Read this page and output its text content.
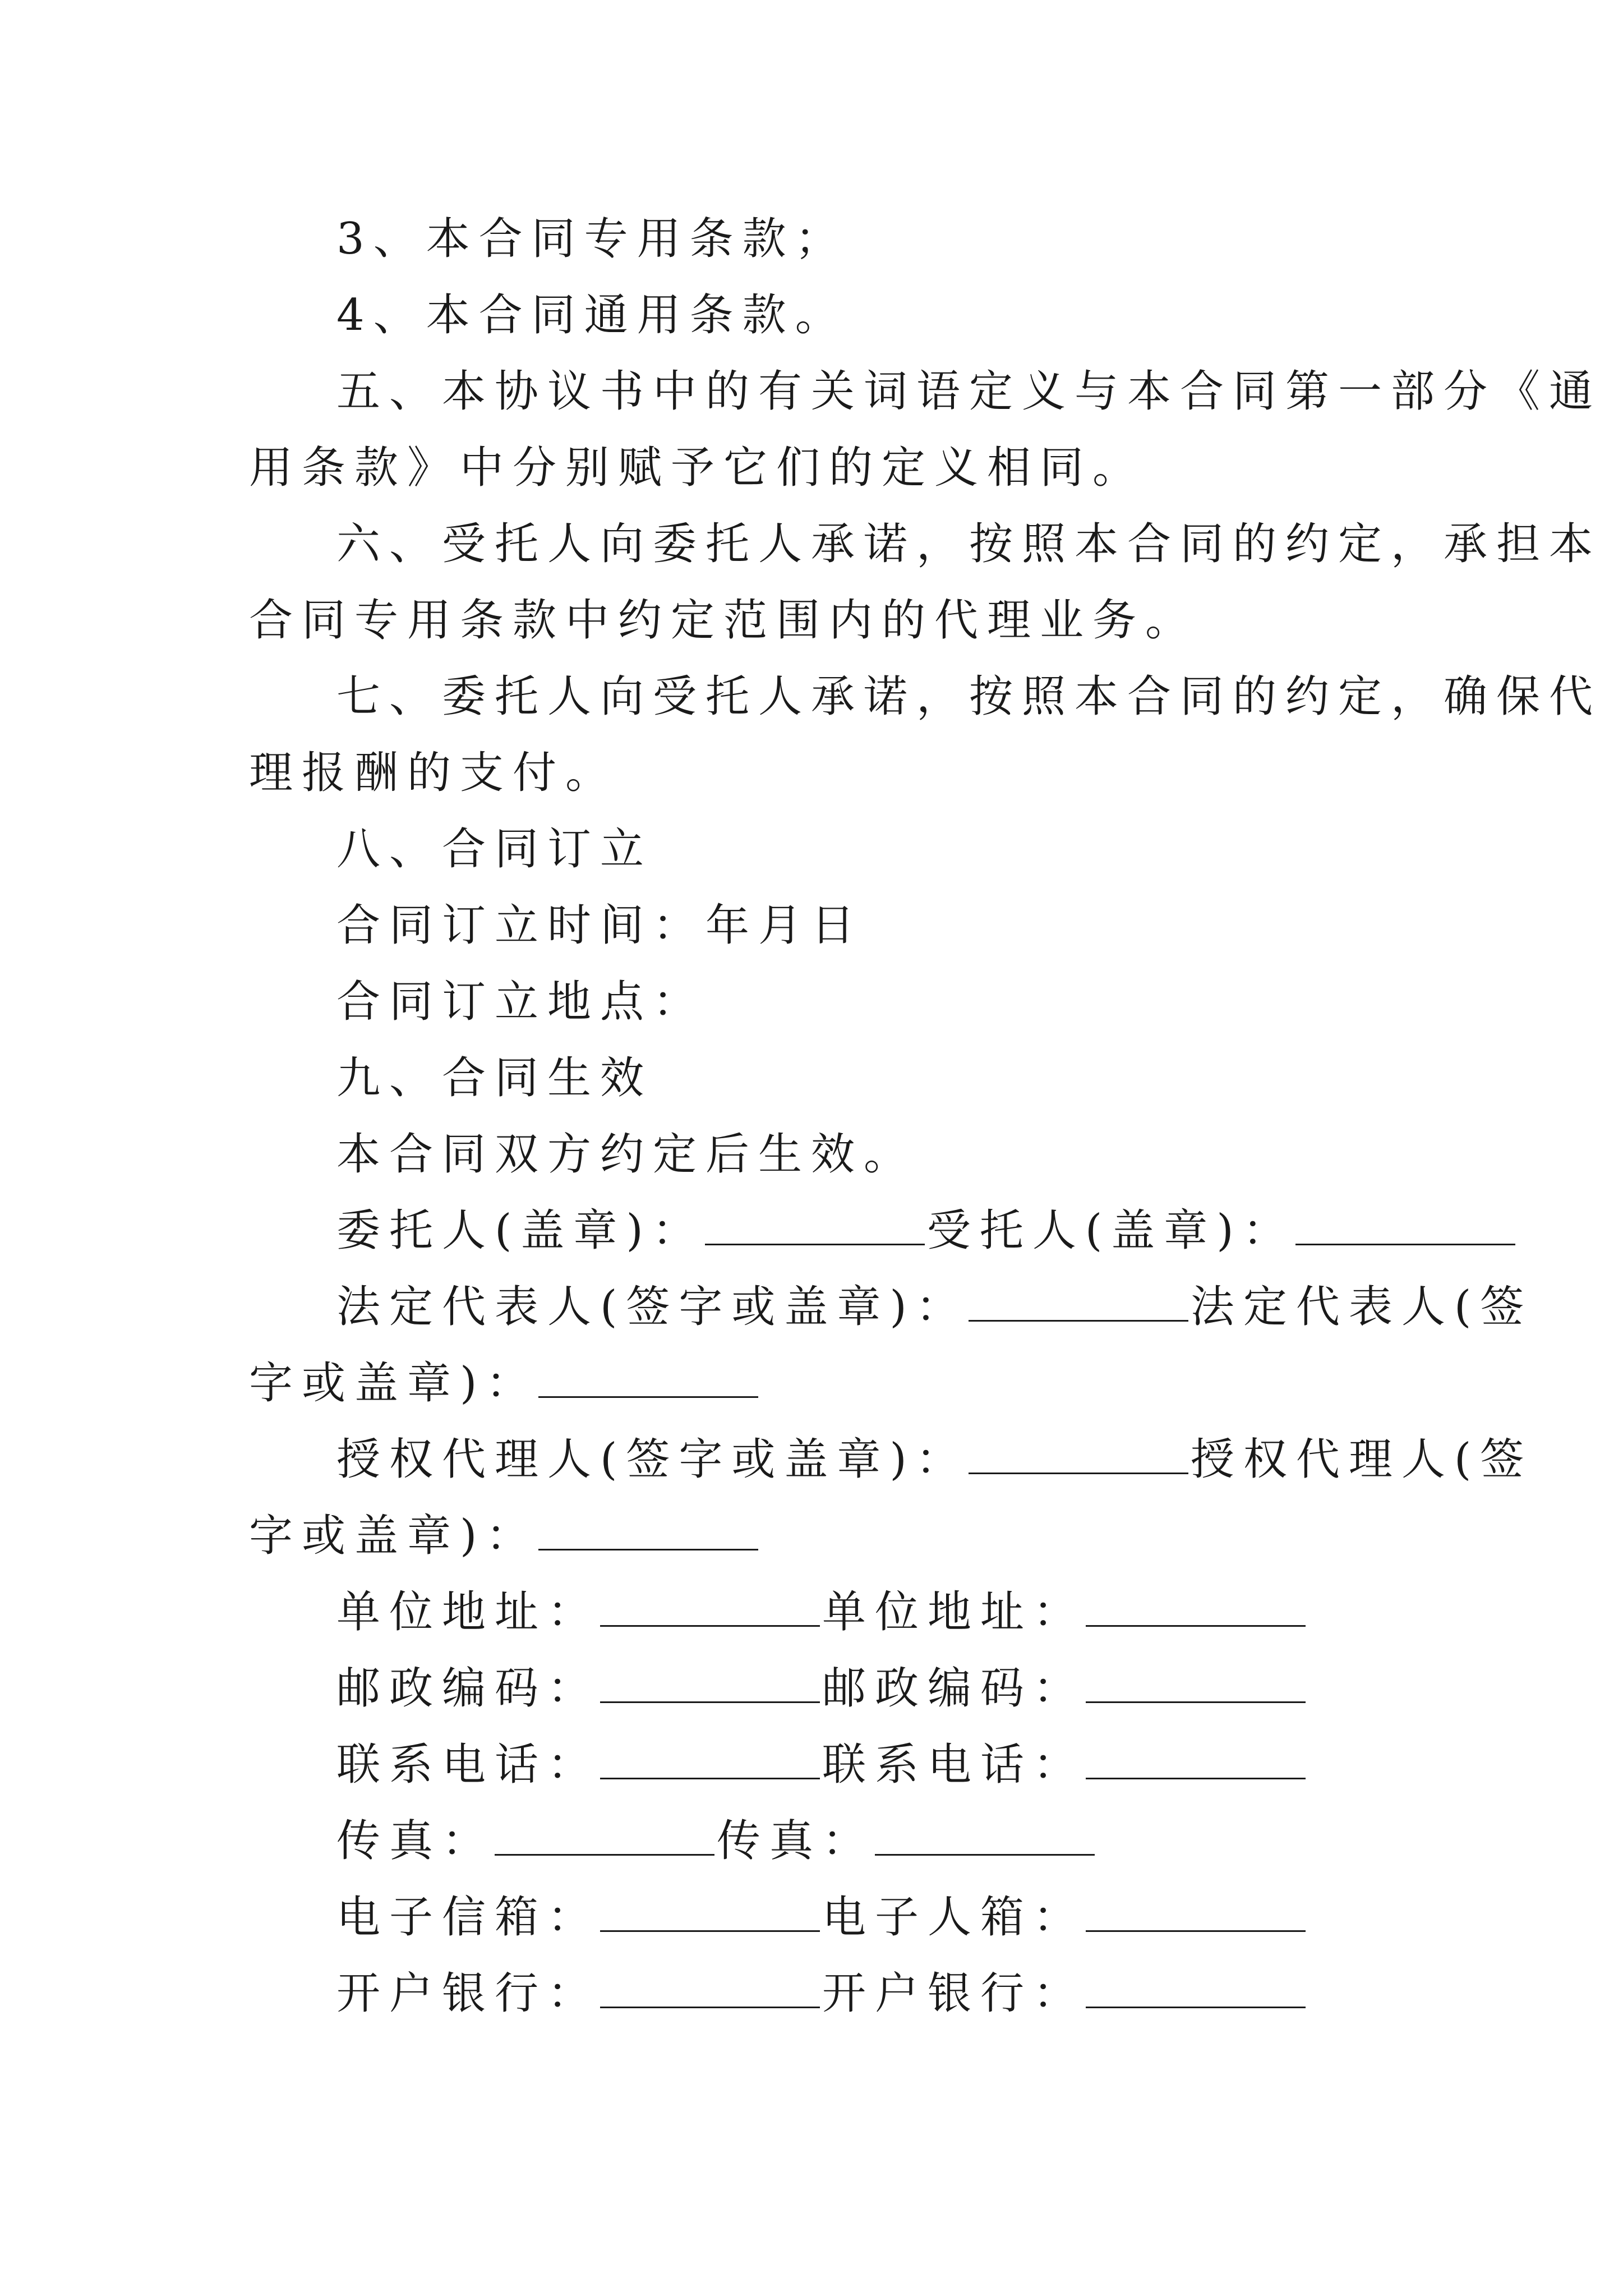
3、本合同专用条款；
4、本合同通用条款。
五、本协议书中的有关词语定义与本合同第一部分《通
用条款》中分别赋予它们的定义相同。
六、受托人向委托人承诺，按照本合同的约定，承担本
合同专用条款中约定范围内的代理业务。
七、委托人向受托人承诺，按照本合同的约定，确保代
理报酬的支付。
八、合同订立
合同订立时间：年月日
合同订立地点：
九、合同生效
本合同双方约定后生效。
委托人(盖章)：	受托人(盖章)：
法定代表人(签字或盖章)：	法定代表人(签
字或盖章)：
授权代理人(签字或盖章)：	授权代理人(签
字或盖章)：
单位地址：	单位地址：
邮政编码：	邮政编码：
联系电话：	联系电话：
传真：	传真：
电子信箱：	电子人箱：
开户银行：	开户银行：
